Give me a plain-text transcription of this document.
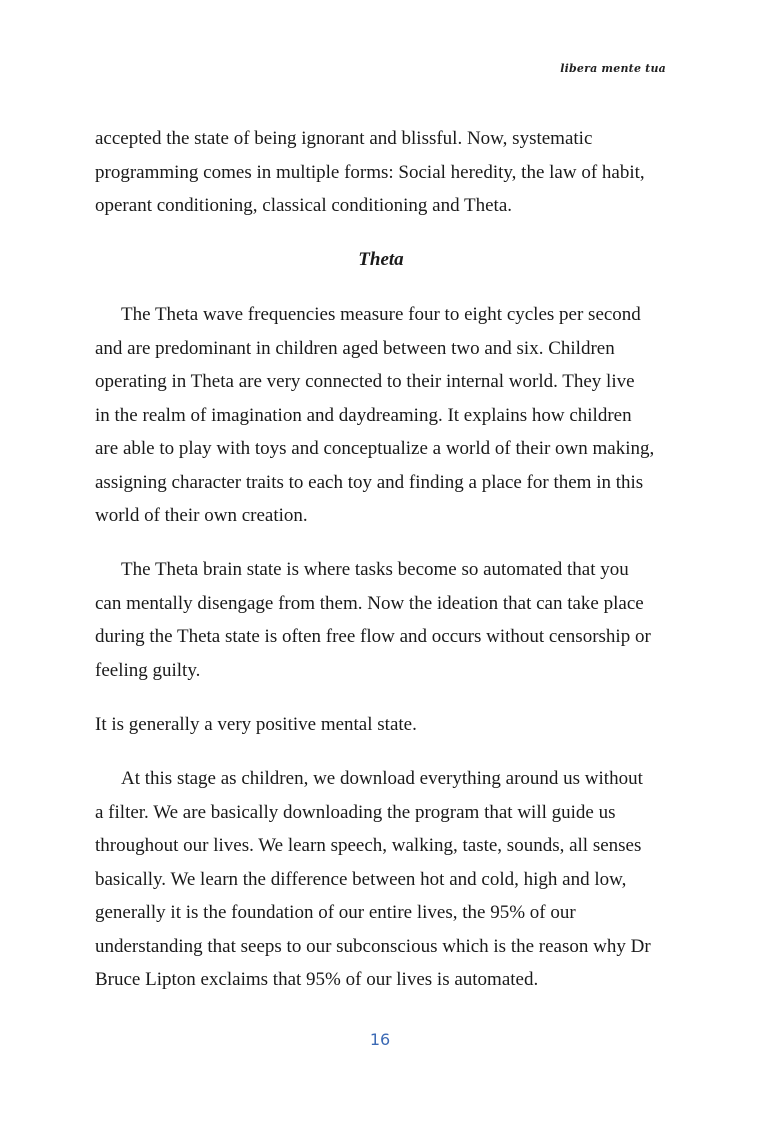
libera mente tua

accepted the state of being ignorant and blissful. Now, systematic
programming comes in multiple forms: Social heredity, the law of habit,
operant conditioning, classical conditioning and Theta.

Theta

The Theta wave frequencies measure four to eight cycles per second
and are predominant in children aged between two and six. Children
operating in Theta are very connected to their internal world. They live
in the realm of imagination and daydreaming. It explains how children
are able to play with toys and conceptualize a world of their own making,
assigning character traits to each toy and finding a place for them in this
world of their own creation.

The Theta brain state is where tasks become so automated that you
can mentally disengage from them. Now the ideation that can take place
during the Theta state is often free flow and occurs without censorship or
feeling guilty.

It is generally a very positive mental state.

At this stage as children, we download everything around us without
a filter. We are basically downloading the program that will guide us
throughout our lives. We learn speech, walking, taste, sounds, all senses
basically. We learn the difference between hot and cold, high and low,
generally it is the foundation of our entire lives, the 95% of our
understanding that seeps to our subconscious which is the reason why Dr
Bruce Lipton exclaims that 95% of our lives is automated.

16
